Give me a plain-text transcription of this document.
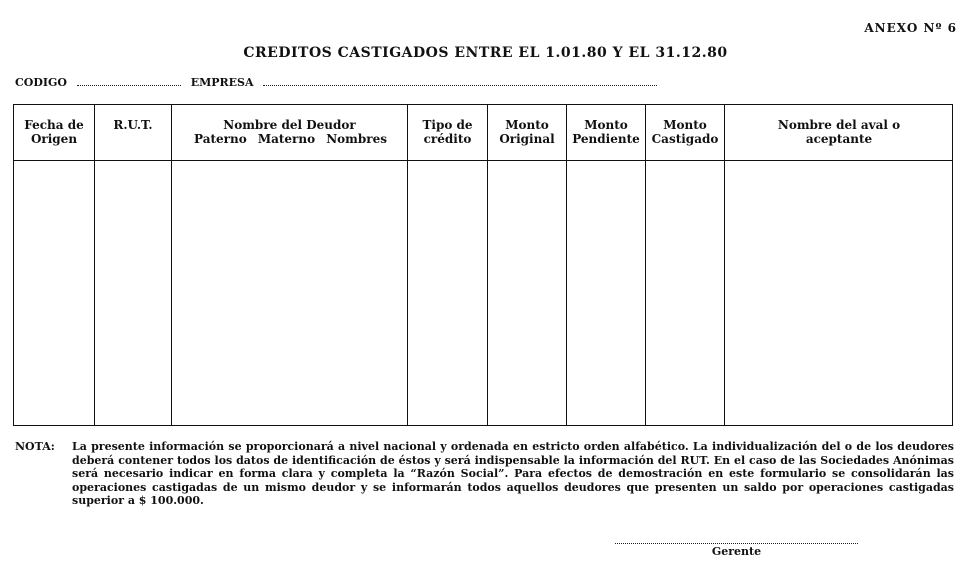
ANEXO Nº 6
CREDITOS CASTIGADOS ENTRE EL 1.01.80 Y EL 31.12.80
CODIGO	EMPRESA
Fecha de
Origen
R.U.T.	Nombre del Deudor
Paterno Materno Nombres
Tipo de
crédito
Monto
Original
Monto
Pendiente
Monto
Castigado
Nombre del aval o
aceptante
NOTA: La presente información se proporcionará a nivel nacional y ordenada en estricto orden alfabético. La individualización del o de los deudores deberá contener todos los datos de identificación de éstos y será indispensable la información del RUT. En el caso de las Sociedades Anónimas será necesario indicar en forma clara y completa la “Razón Social”. Para efectos de demostración en este formulario se consolidarán las operaciones castigadas de un mismo deudor y se informarán todos aquellos deudores que presenten un saldo por operaciones castigadas superior a $ 100.000.
Gerente
